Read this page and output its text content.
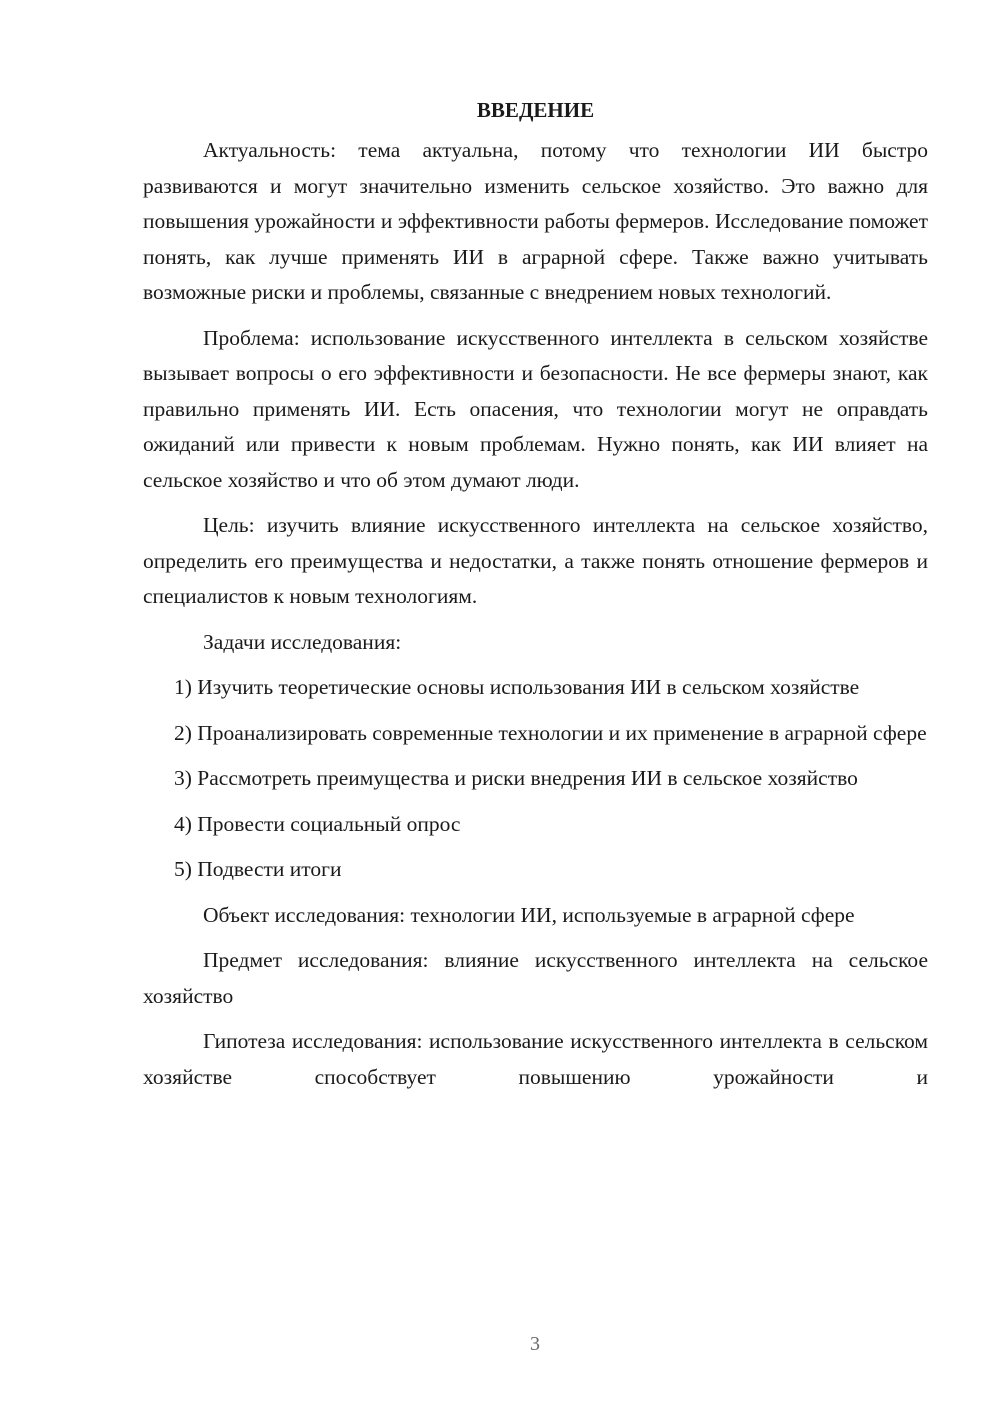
ВВЕДЕНИЕ

Актуальность: тема актуальна, потому что технологии ИИ быстро развиваются и могут значительно изменить сельское хозяйство. Это важно для повышения урожайности и эффективности работы фермеров. Исследование поможет понять, как лучше применять ИИ в аграрной сфере. Также важно учитывать возможные риски и проблемы, связанные с внедрением новых технологий.

Проблема: использование искусственного интеллекта в сельском хозяйстве вызывает вопросы о его эффективности и безопасности. Не все фермеры знают, как правильно применять ИИ. Есть опасения, что технологии могут не оправдать ожиданий или привести к новым проблемам. Нужно понять, как ИИ влияет на сельское хозяйство и что об этом думают люди.

Цель: изучить влияние искусственного интеллекта на сельское хозяйство, определить его преимущества и недостатки, а также понять отношение фермеров и специалистов к новым технологиям.

Задачи исследования:

1) Изучить теоретические основы использования ИИ в сельском хозяйстве

2) Проанализировать современные технологии и их применение в аграрной сфере

3) Рассмотреть преимущества и риски внедрения ИИ в сельское хозяйство

4) Провести социальный опрос

5) Подвести итоги

Объект исследования: технологии ИИ, используемые в аграрной сфере

Предмет исследования: влияние искусственного интеллекта на сельское хозяйство

Гипотеза исследования: использование искусственного интеллекта в сельском хозяйстве способствует повышению урожайности и

3
